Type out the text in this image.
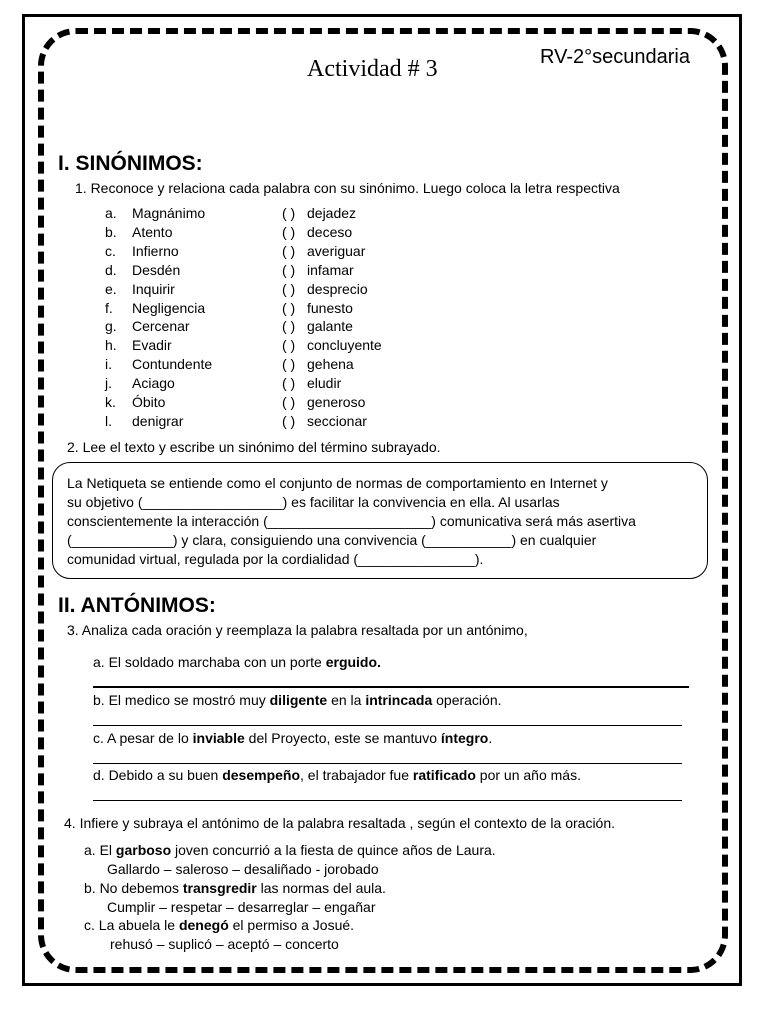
Actividad # 3	RV-2°secundaria
I. SINÓNIMOS:
1. Reconoce y relaciona cada palabra con su sinónimo. Luego coloca la letra respectiva
a. Magnánimo	( ) dejadez
b. Atento	( ) deceso
c. Infierno	( ) averiguar
d. Desdén	( ) infamar
e. Inquirir	( ) desprecio
f. Negligencia	( ) funesto
g. Cercenar	( ) galante
h. Evadir	( ) concluyente
i. Contundente	( ) gehena
j. Aciago	( ) eludir
k. Óbito	( ) generoso
l. denigrar	( ) seccionar
2. Lee el texto y escribe un sinónimo del término subrayado.
La Netiqueta se entiende como el conjunto de normas de comportamiento en Internet y
su objetivo (__________________) es facilitar la convivencia en ella. Al usarlas
conscientemente la interacción (_____________________) comunicativa será más asertiva
(_____________) y clara, consiguiendo una convivencia (___________) en cualquier
comunidad virtual, regulada por la cordialidad (_______________).
II. ANTÓNIMOS:
3. Analiza cada oración y reemplaza la palabra resaltada por un antónimo,
a. El soldado marchaba con un porte erguido.
b. El medico se mostró muy diligente en la intrincada operación.
c. A pesar de lo inviable del Proyecto, este se mantuvo íntegro.
d. Debido a su buen desempeño, el trabajador fue ratificado por un año más.
4. Infiere y subraya el antónimo de la palabra resaltada , según el contexto de la oración.
a. El garboso joven concurrió a la fiesta de quince años de Laura.
Gallardo – saleroso – desaliñado - jorobado
b. No debemos transgredir las normas del aula.
Cumplir – respetar – desarreglar – engañar
c. La abuela le denegó el permiso a Josué.
rehusó – suplicó – aceptó – concerto
